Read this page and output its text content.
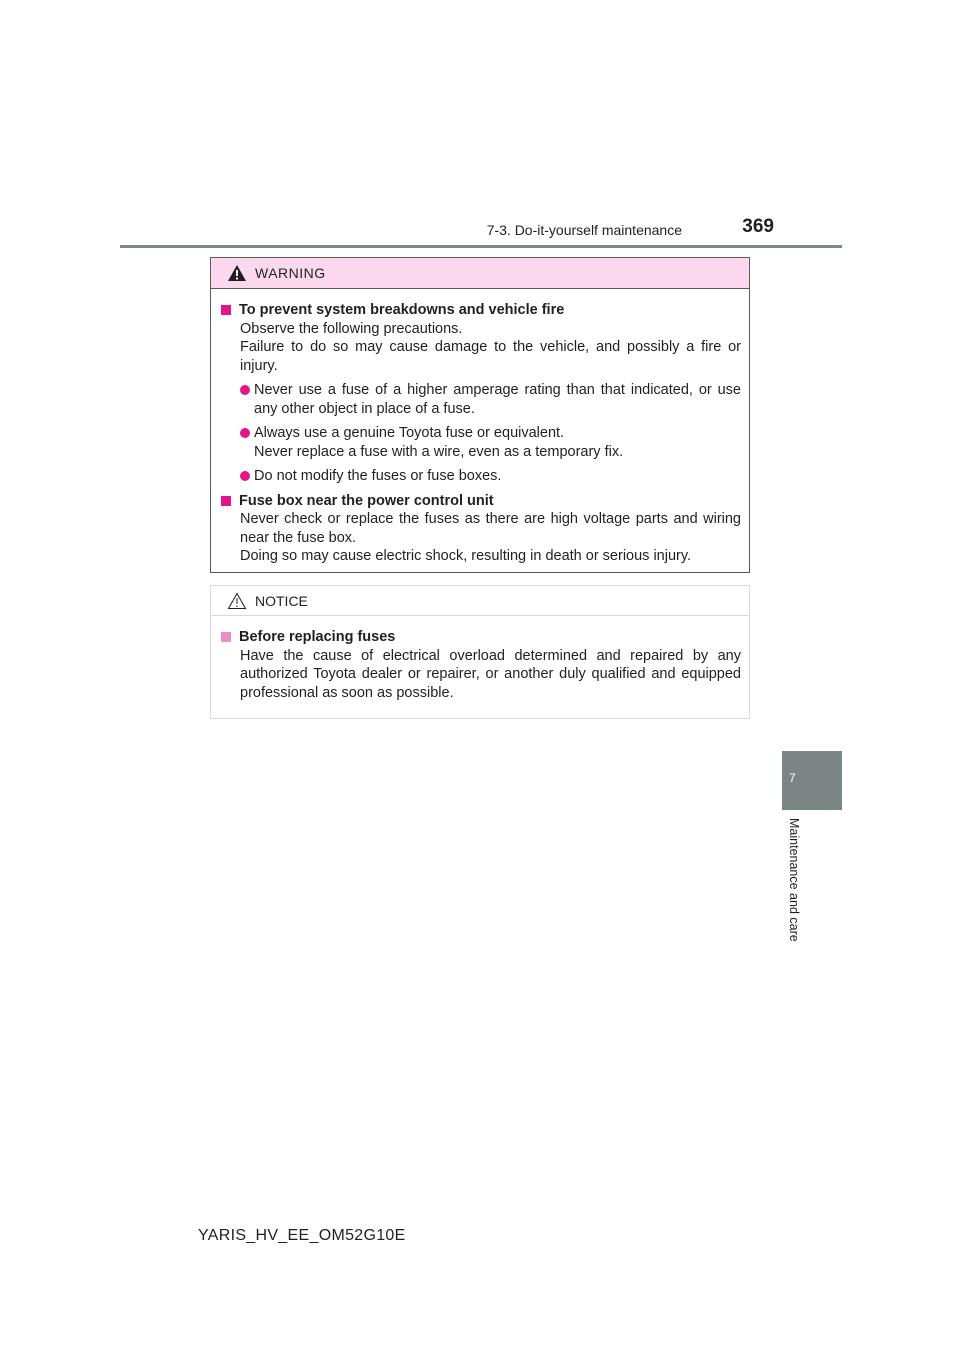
7-3. Do-it-yourself maintenance	369
WARNING
To prevent system breakdowns and vehicle fire
Observe the following precautions.
Failure to do so may cause damage to the vehicle, and possibly a fire or injury.
Never use a fuse of a higher amperage rating than that indicated, or use any other object in place of a fuse.
Always use a genuine Toyota fuse or equivalent.
Never replace a fuse with a wire, even as a temporary fix.
Do not modify the fuses or fuse boxes.
Fuse box near the power control unit
Never check or replace the fuses as there are high voltage parts and wiring near the fuse box.
Doing so may cause electric shock, resulting in death or serious injury.
NOTICE
Before replacing fuses
Have the cause of electrical overload determined and repaired by any authorized Toyota dealer or repairer, or another duly qualified and equipped professional as soon as possible.
7
Maintenance and care
YARIS_HV_EE_OM52G10E
